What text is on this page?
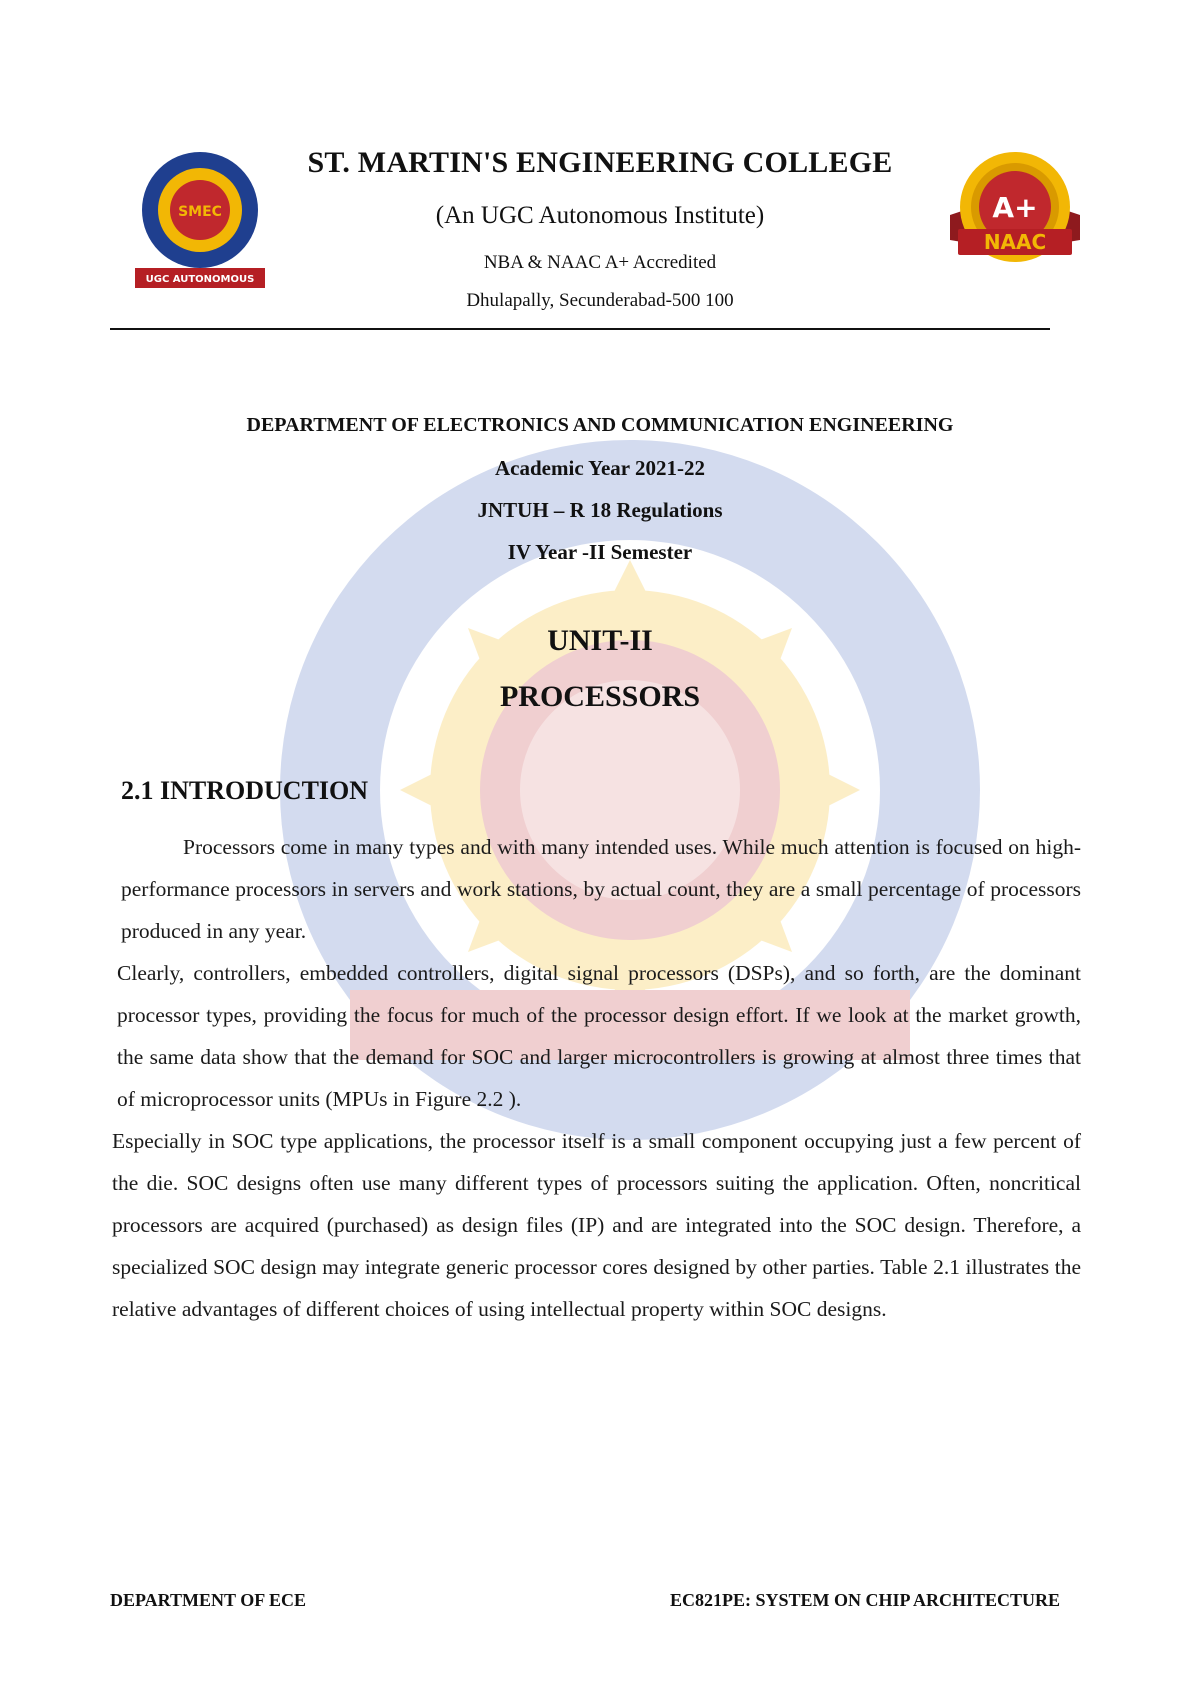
SMEC
UGC AUTONOMOUS
A+
NAAC
ST. MARTIN'S ENGINEERING COLLEGE
(An UGC Autonomous Institute)
NBA & NAAC A+ Accredited
Dhulapally, Secunderabad-500 100
DEPARTMENT OF ELECTRONICS AND COMMUNICATION ENGINEERING
Academic Year 2021-22
JNTUH – R 18 Regulations
IV Year -II Semester
UNIT-II
PROCESSORS
2.1 INTRODUCTION
Processors come in many types and with many intended uses. While much attention is focused on high-performance processors in servers and work stations, by actual count, they are a small percentage of processors produced in any year.
Clearly, controllers, embedded controllers, digital signal processors (DSPs), and so forth, are the dominant processor types, providing the focus for much of the processor design effort. If we look at the market growth, the same data show that the demand for SOC and larger microcontrollers is growing at almost three times that of microprocessor units (MPUs in Figure 2.2 ).
Especially in SOC type applications, the processor itself is a small component occupying just a few percent of the die. SOC designs often use many different types of processors suiting the application. Often, noncritical processors are acquired (purchased) as design files (IP) and are integrated into the SOC design. Therefore, a specialized SOC design may integrate generic processor cores designed by other parties. Table 2.1 illustrates the relative advantages of different choices of using intellectual property within SOC designs.
DEPARTMENT OF ECE	EC821PE: SYSTEM ON CHIP ARCHITECTURE
